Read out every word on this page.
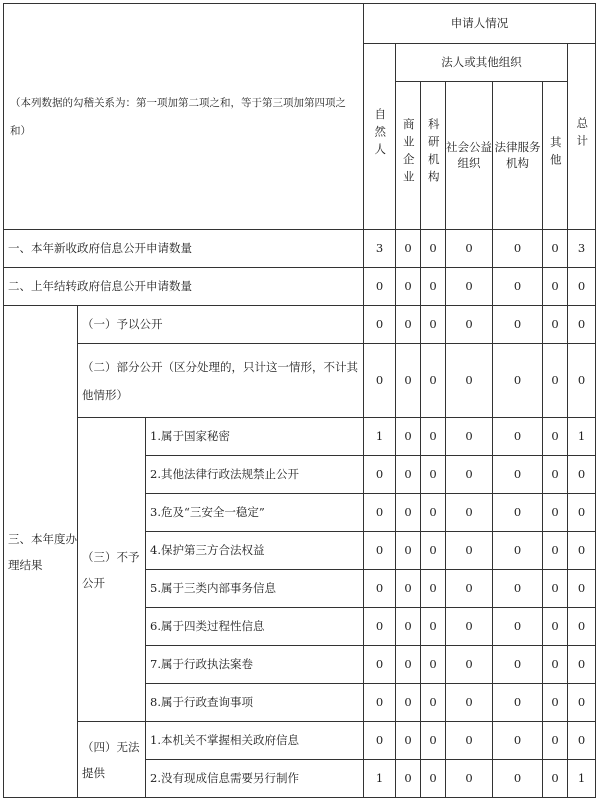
（本列数据的勾稽关系为：第一项加第二项之和，等于第三项加第四项之和）			申请人情况						
			自然人	法人或其他组织					总计
				商业企业	科研机构	社会公益组织	法律服务机构	其他	
一、本年新收政府信息公开申请数量			3	0	0	0	0	0	3
二、上年结转政府信息公开申请数量			0	0	0	0	0	0	0
三、本年度办理结果	（一）予以公开		0	0	0	0	0	0	0
	（二）部分公开（区分处理的，只计这一情形，不计其他情形）		0	0	0	0	0	0	0
	（三）不予公开	1.属于国家秘密	1	0	0	0	0	0	1
		2.其他法律行政法规禁止公开	0	0	0	0	0	0	0
		3.危及“三安全一稳定”	0	0	0	0	0	0	0
		4.保护第三方合法权益	0	0	0	0	0	0	0
		5.属于三类内部事务信息	0	0	0	0	0	0	0
		6.属于四类过程性信息	0	0	0	0	0	0	0
		7.属于行政执法案卷	0	0	0	0	0	0	0
		8.属于行政查询事项	0	0	0	0	0	0	0
	（四）无法提供	1.本机关不掌握相关政府信息	0	0	0	0	0	0	0
		2.没有现成信息需要另行制作	1	0	0	0	0	0	1
